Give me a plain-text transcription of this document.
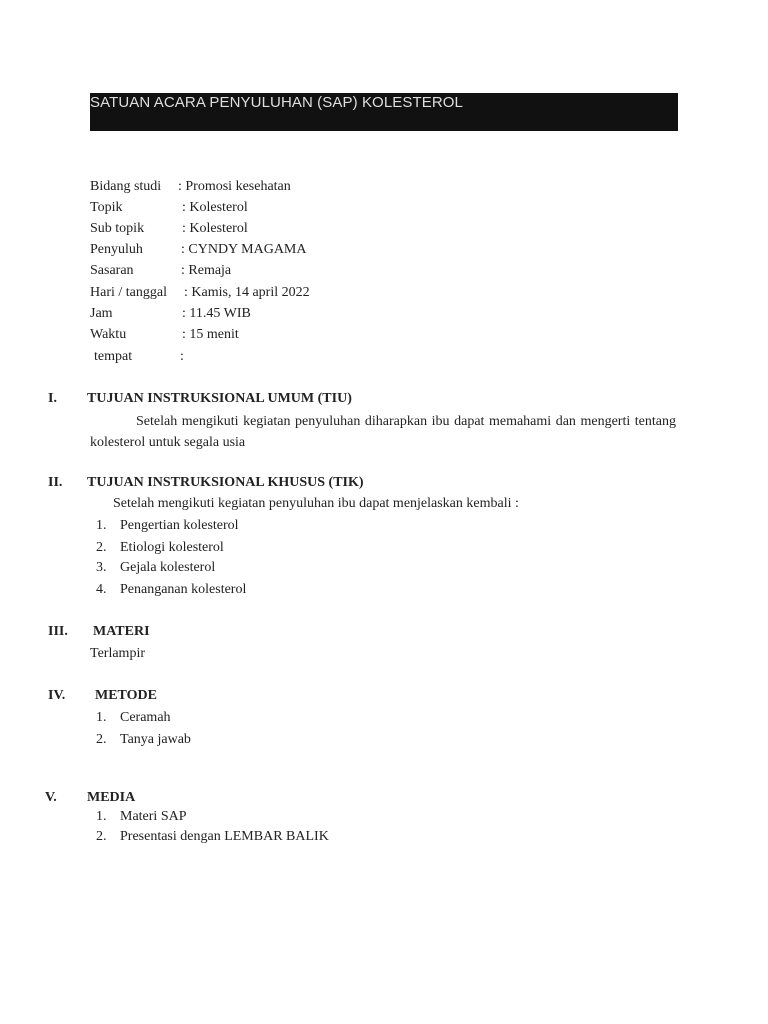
SATUAN ACARA PENYULUHAN (SAP) KOLESTEROL
Bidang studi : Promosi kesehatan
Topik	: Kolesterol
Sub topik	: Kolesterol
Penyuluh	: CYNDY MAGAMA
Sasaran	: Remaja
Hari / tanggal : Kamis, 14 april 2022
Jam	: 11.45 WIB
Waktu	: 15 menit
tempat	:
I. TUJUAN INSTRUKSIONAL UMUM (TIU)
Setelah mengikuti kegiatan penyuluhan diharapkan ibu dapat memahami dan mengerti tentang kolesterol untuk segala usia
II. TUJUAN INSTRUKSIONAL KHUSUS (TIK)
Setelah mengikuti kegiatan penyuluhan ibu dapat menjelaskan kembali :
1. Pengertian kolesterol
2. Etiologi kolesterol
3. Gejala kolesterol
4. Penanganan kolesterol
III. MATERI
Terlampir
IV. METODE
1. Ceramah
2. Tanya jawab
V. MEDIA
1. Materi SAP
2. Presentasi dengan LEMBAR BALIK
